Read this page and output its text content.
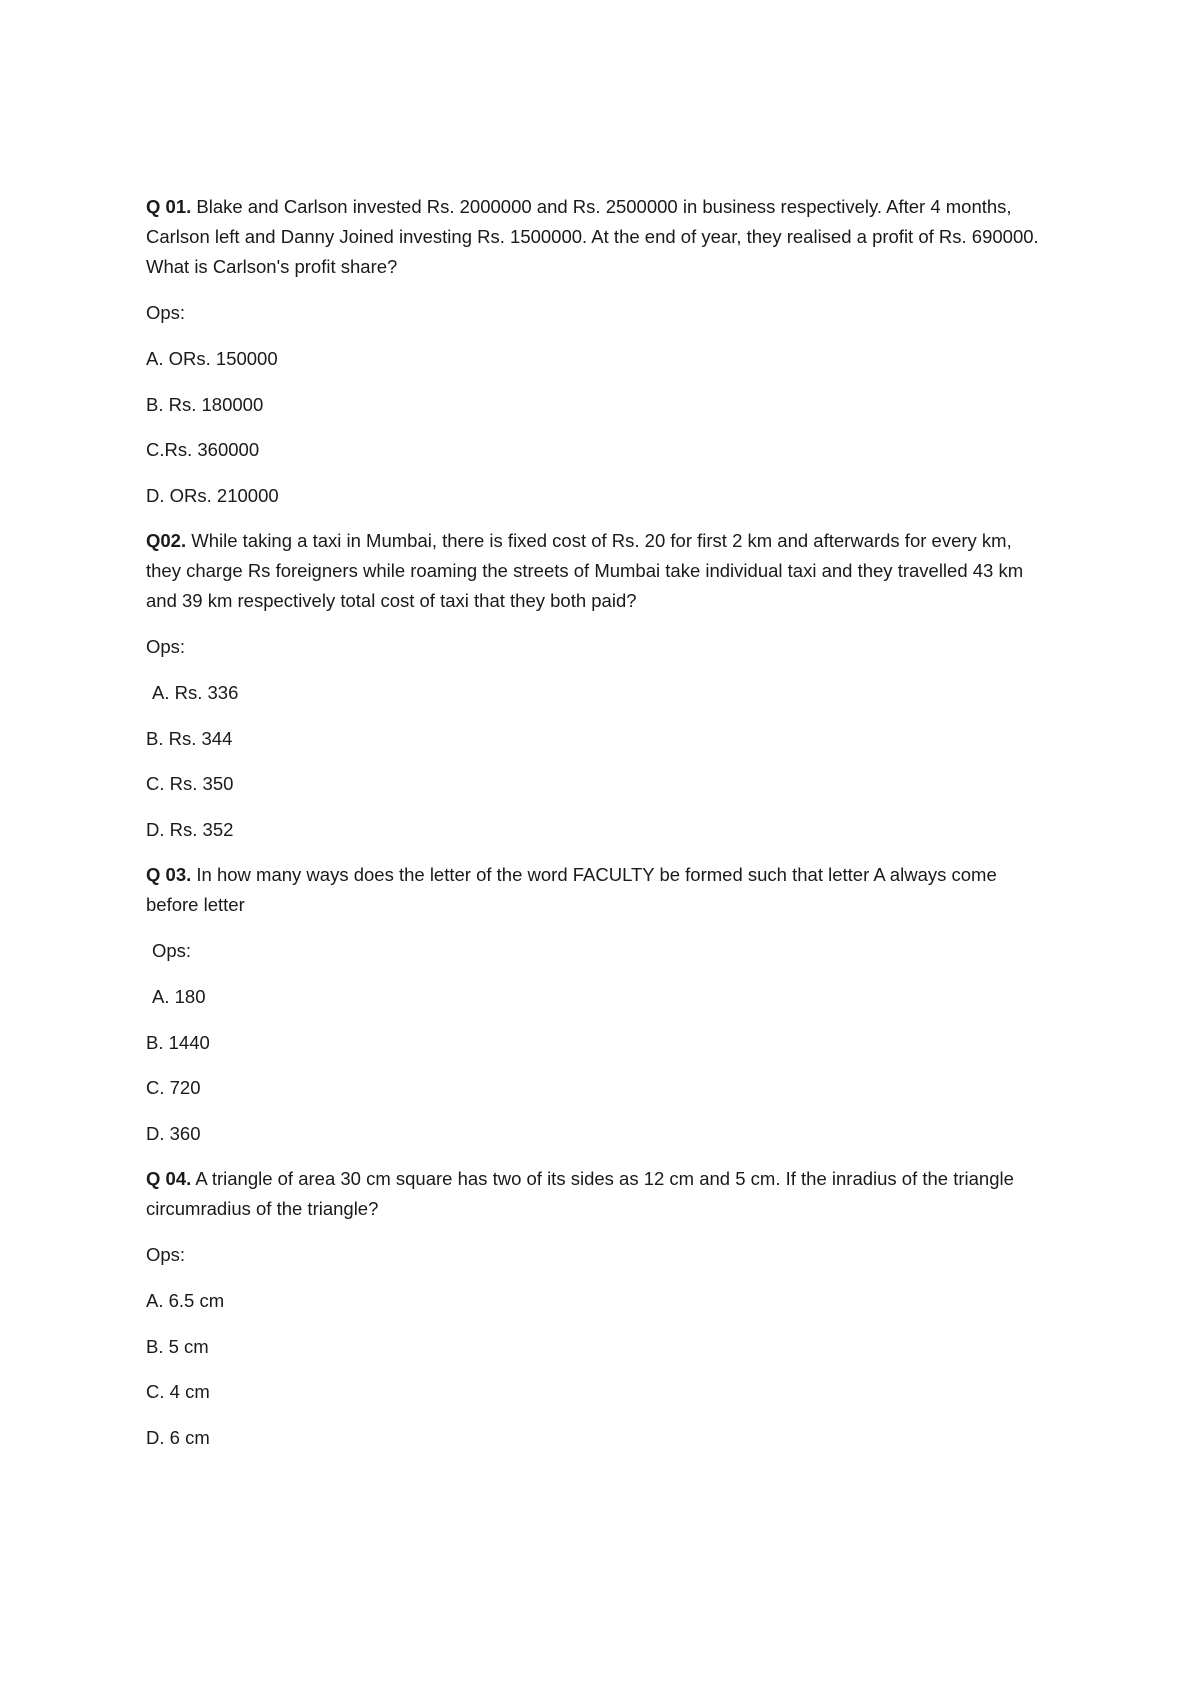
Q 01. Blake and Carlson invested Rs. 2000000 and Rs. 2500000 in business respectively. After 4 months, Carlson left and Danny Joined investing Rs. 1500000. At the end of year, they realised a profit of Rs. 690000. What is Carlson's profit share?

Ops:

A. ORs. 150000

B. Rs. 180000

C.Rs. 360000

D. ORs. 210000

Q02. While taking a taxi in Mumbai, there is fixed cost of Rs. 20 for first 2 km and afterwards for every km, they charge Rs foreigners while roaming the streets of Mumbai take individual taxi and they travelled 43 km and 39 km respectively total cost of taxi that they both paid?

Ops:

A. Rs. 336

B. Rs. 344

C. Rs. 350

D. Rs. 352

Q 03. In how many ways does the letter of the word FACULTY be formed such that letter A always come before letter

Ops:

A. 180

B. 1440

C. 720

D. 360

Q 04. A triangle of area 30 cm square has two of its sides as 12 cm and 5 cm. If the inradius of the triangle circumradius of the triangle?

Ops:

A. 6.5 cm

B. 5 cm

C. 4 cm

D. 6 cm
